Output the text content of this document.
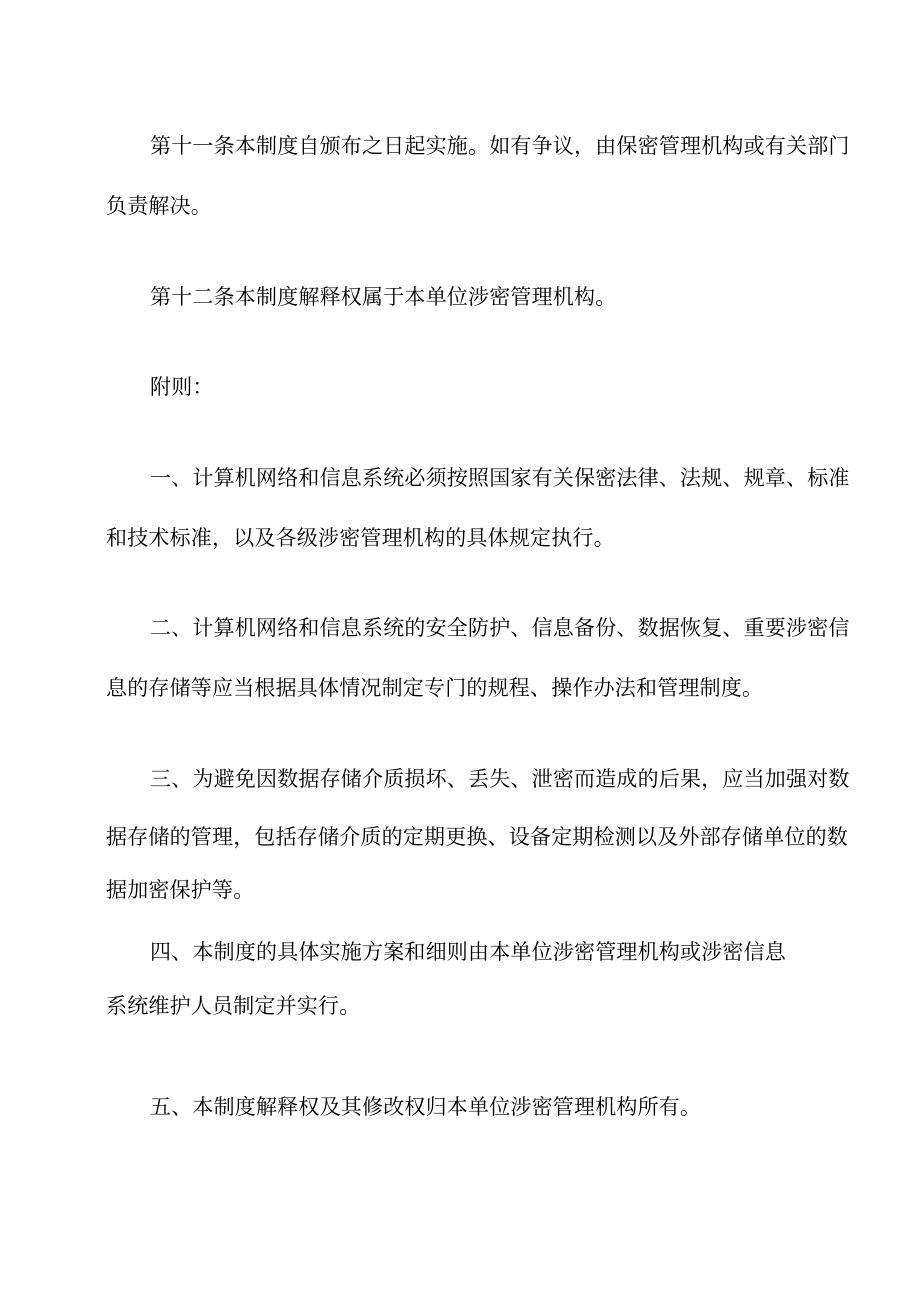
第十一条本制度自颁布之日起实施。如有争议，由保密管理机构或有关部门
负责解决。
第十二条本制度解释权属于本单位涉密管理机构。
附则：
一、计算机网络和信息系统必须按照国家有关保密法律、法规、规章、标准
和技术标准，以及各级涉密管理机构的具体规定执行。
二、计算机网络和信息系统的安全防护、信息备份、数据恢复、重要涉密信
息的存储等应当根据具体情况制定专门的规程、操作办法和管理制度。
三、为避免因数据存储介质损坏、丢失、泄密而造成的后果，应当加强对数
据存储的管理，包括存储介质的定期更换、设备定期检测以及外部存储单位的数
据加密保护等。
四、本制度的具体实施方案和细则由本单位涉密管理机构或涉密信息
系统维护人员制定并实行。
五、本制度解释权及其修改权归本单位涉密管理机构所有。
